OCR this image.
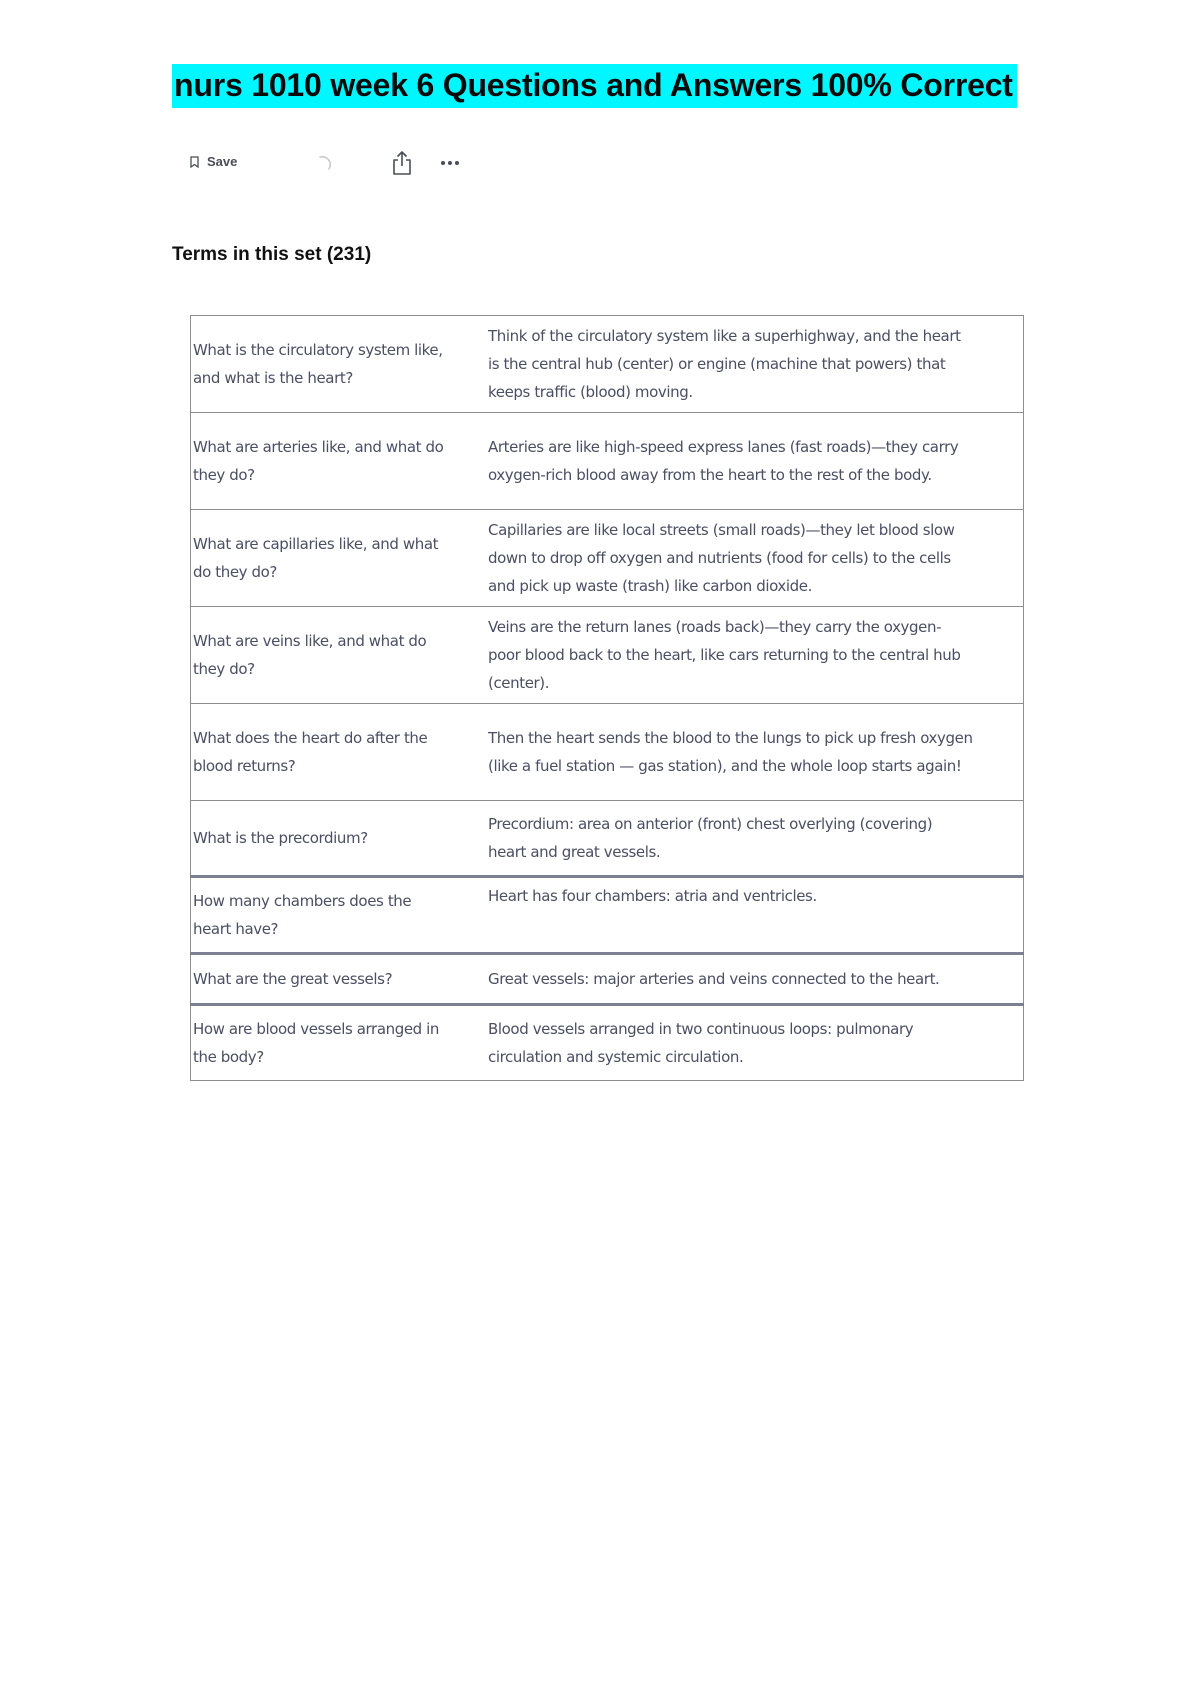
nurs 1010 week 6 Questions and Answers 100% Correct
Save
Terms in this set (231)
What is the circulatory system like, and what is the heart?	Think of the circulatory system like a superhighway, and the heart is the central hub (center) or engine (machine that powers) that keeps traffic (blood) moving.
What are arteries like, and what do they do?	Arteries are like high-speed express lanes (fast roads)—they carry oxygen-rich blood away from the heart to the rest of the body.
What are capillaries like, and what do they do?	Capillaries are like local streets (small roads)—they let blood slow down to drop off oxygen and nutrients (food for cells) to the cells and pick up waste (trash) like carbon dioxide.
What are veins like, and what do they do?	Veins are the return lanes (roads back)—they carry the oxygen-poor blood back to the heart, like cars returning to the central hub (center).
What does the heart do after the blood returns?	Then the heart sends the blood to the lungs to pick up fresh oxygen (like a fuel station — gas station), and the whole loop starts again!
What is the precordium?	Precordium: area on anterior (front) chest overlying (covering) heart and great vessels.
How many chambers does the heart have?	Heart has four chambers: atria and ventricles.
What are the great vessels?	Great vessels: major arteries and veins connected to the heart.
How are blood vessels arranged in the body?	Blood vessels arranged in two continuous loops: pulmonary circulation and systemic circulation.
